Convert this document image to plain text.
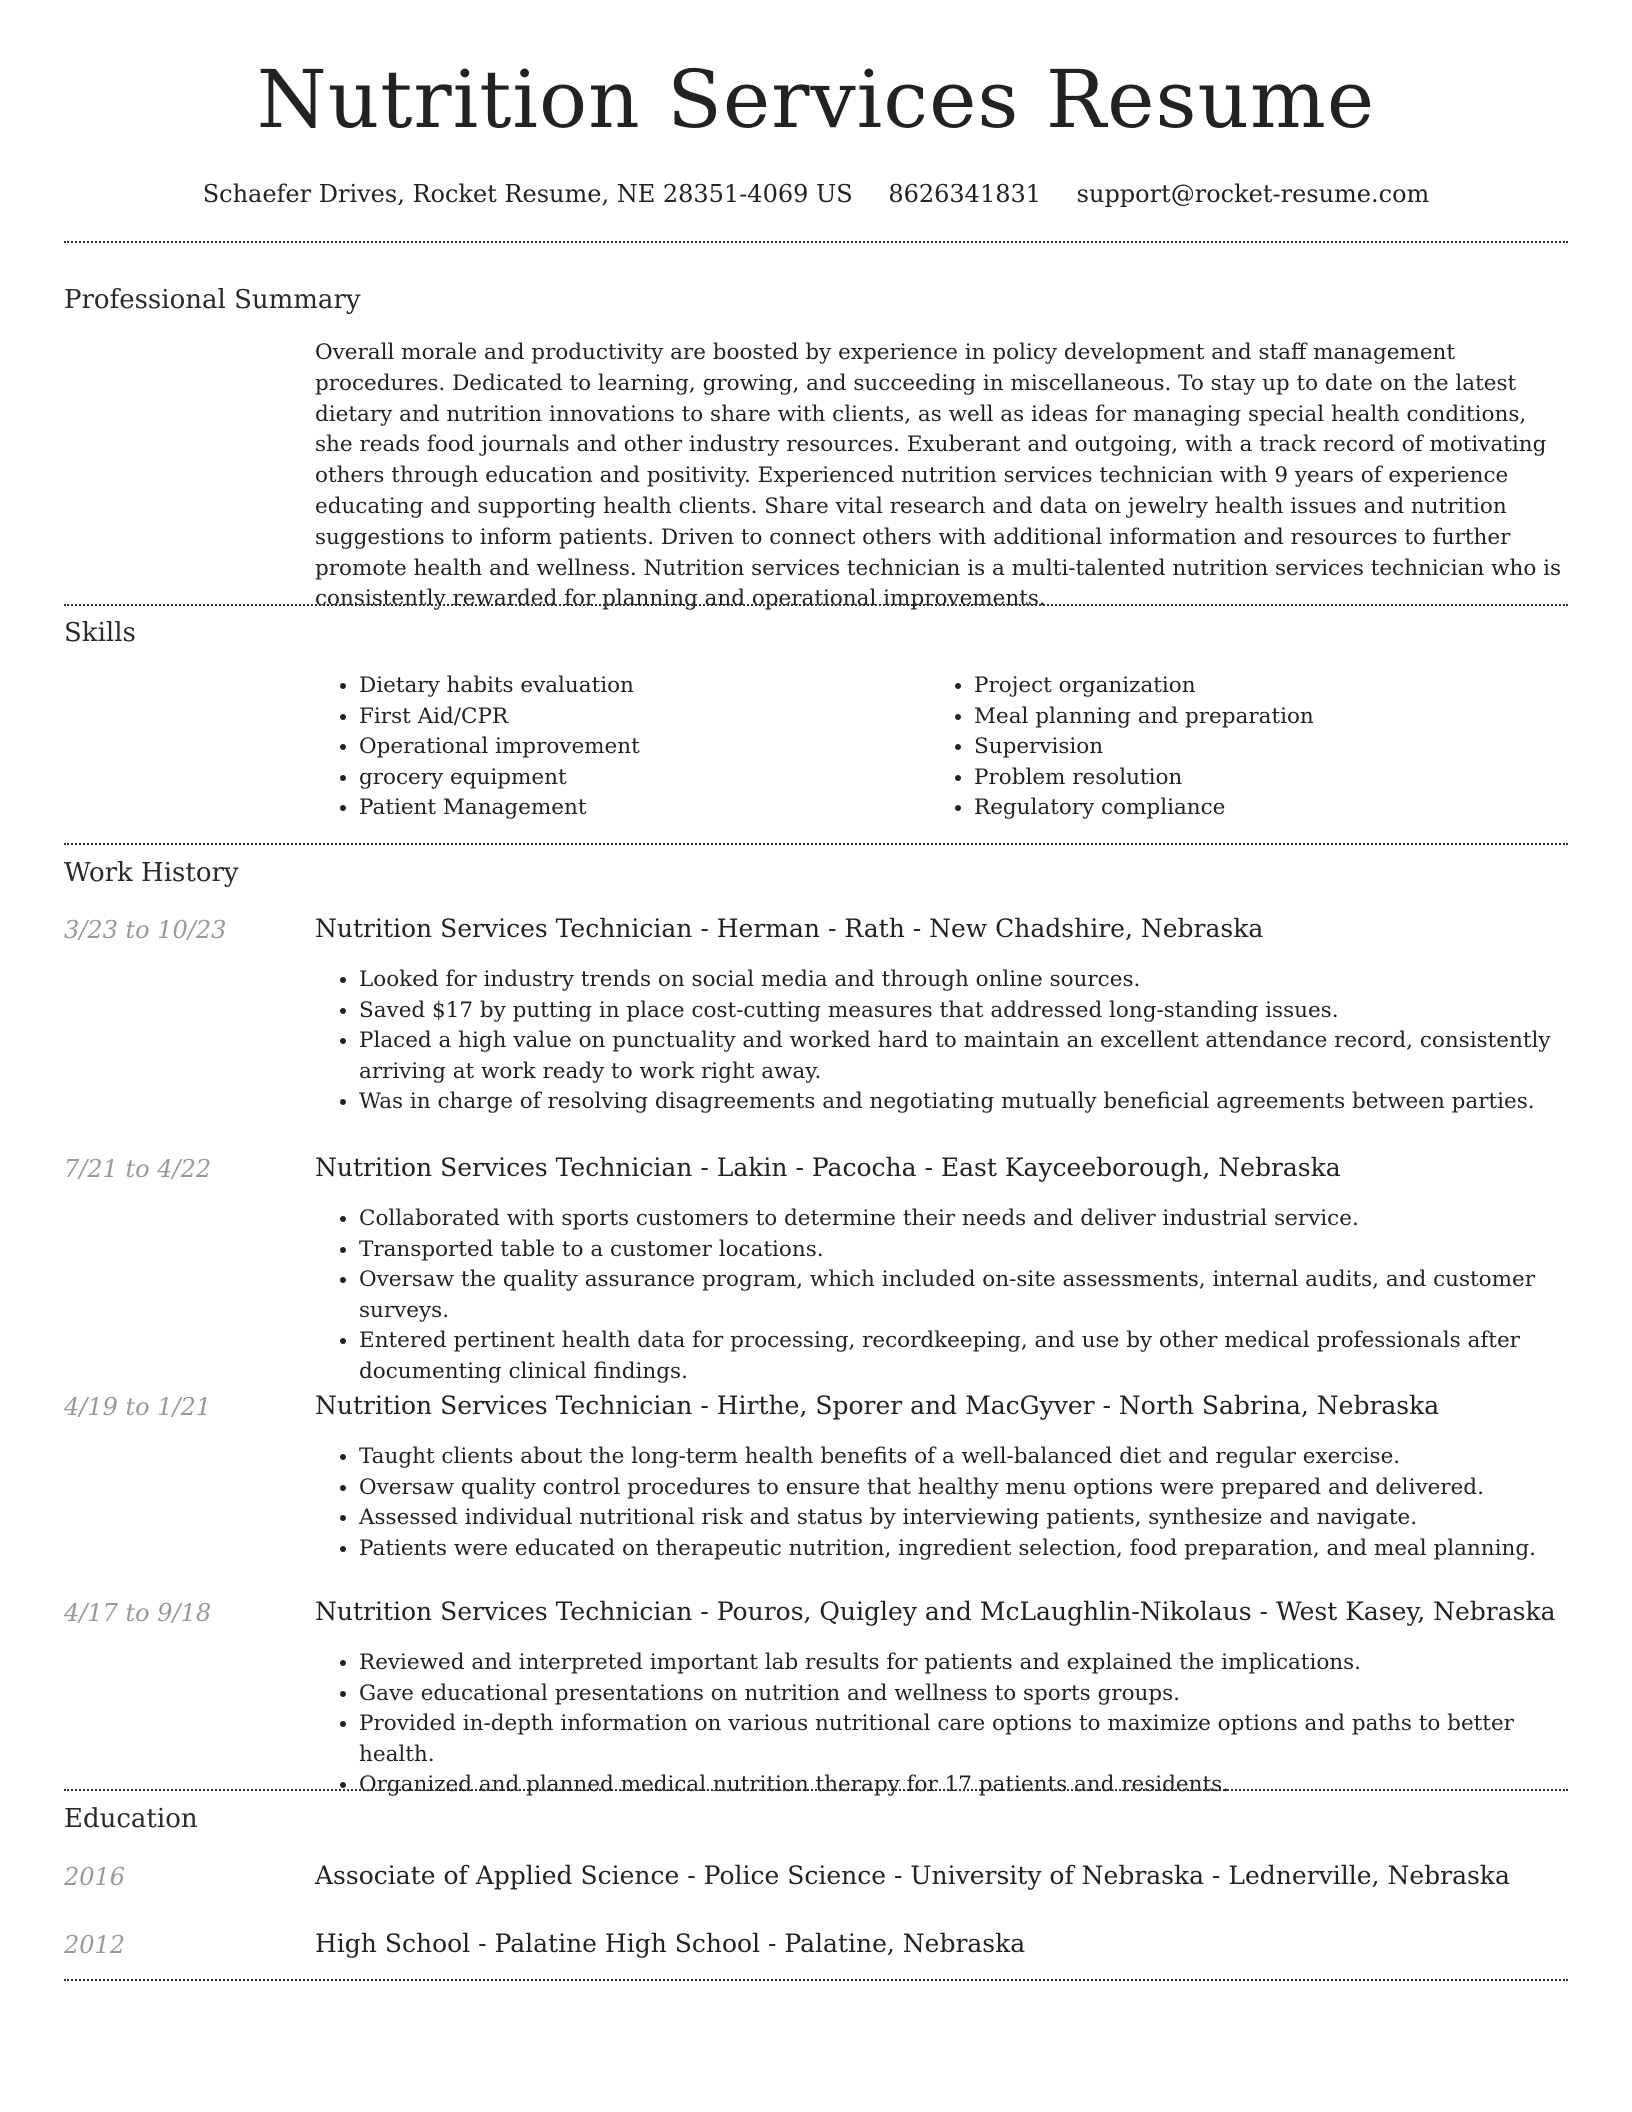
Nutrition Services Resume
Schaefer Drives, Rocket Resume, NE 28351-4069 US 8626341831 support@rocket-resume.com
Professional Summary
Overall morale and productivity are boosted by experience in policy development and staff management procedures. Dedicated to learning, growing, and succeeding in miscellaneous. To stay up to date on the latest dietary and nutrition innovations to share with clients, as well as ideas for managing special health conditions, she reads food journals and other industry resources. Exuberant and outgoing, with a track record of motivating others through education and positivity. Experienced nutrition services technician with 9 years of experience educating and supporting health clients. Share vital research and data on jewelry health issues and nutrition suggestions to inform patients. Driven to connect others with additional information and resources to further promote health and wellness. Nutrition services technician is a multi-talented nutrition services technician who is consistently rewarded for planning and operational improvements.
Skills
• Dietary habits evaluation
• First Aid/CPR
• Operational improvement
• grocery equipment
• Patient Management
• Project organization
• Meal planning and preparation
• Supervision
• Problem resolution
• Regulatory compliance
Work History
3/23 to 10/23	Nutrition Services Technician - Herman - Rath - New Chadshire, Nebraska
• Looked for industry trends on social media and through online sources.
• Saved $17 by putting in place cost-cutting measures that addressed long-standing issues.
• Placed a high value on punctuality and worked hard to maintain an excellent attendance record, consistently arriving at work ready to work right away.
• Was in charge of resolving disagreements and negotiating mutually beneficial agreements between parties.
7/21 to 4/22	Nutrition Services Technician - Lakin - Pacocha - East Kayceeborough, Nebraska
• Collaborated with sports customers to determine their needs and deliver industrial service.
• Transported table to a customer locations.
• Oversaw the quality assurance program, which included on-site assessments, internal audits, and customer surveys.
• Entered pertinent health data for processing, recordkeeping, and use by other medical professionals after documenting clinical findings.
4/19 to 1/21	Nutrition Services Technician - Hirthe, Sporer and MacGyver - North Sabrina, Nebraska
• Taught clients about the long-term health benefits of a well-balanced diet and regular exercise.
• Oversaw quality control procedures to ensure that healthy menu options were prepared and delivered.
• Assessed individual nutritional risk and status by interviewing patients, synthesize and navigate.
• Patients were educated on therapeutic nutrition, ingredient selection, food preparation, and meal planning.
4/17 to 9/18	Nutrition Services Technician - Pouros, Quigley and McLaughlin-Nikolaus - West Kasey, Nebraska
• Reviewed and interpreted important lab results for patients and explained the implications.
• Gave educational presentations on nutrition and wellness to sports groups.
• Provided in-depth information on various nutritional care options to maximize options and paths to better health.
• Organized and planned medical nutrition therapy for 17 patients and residents.
Education
2016	Associate of Applied Science - Police Science - University of Nebraska - Lednerville, Nebraska
2012	High School - Palatine High School - Palatine, Nebraska
